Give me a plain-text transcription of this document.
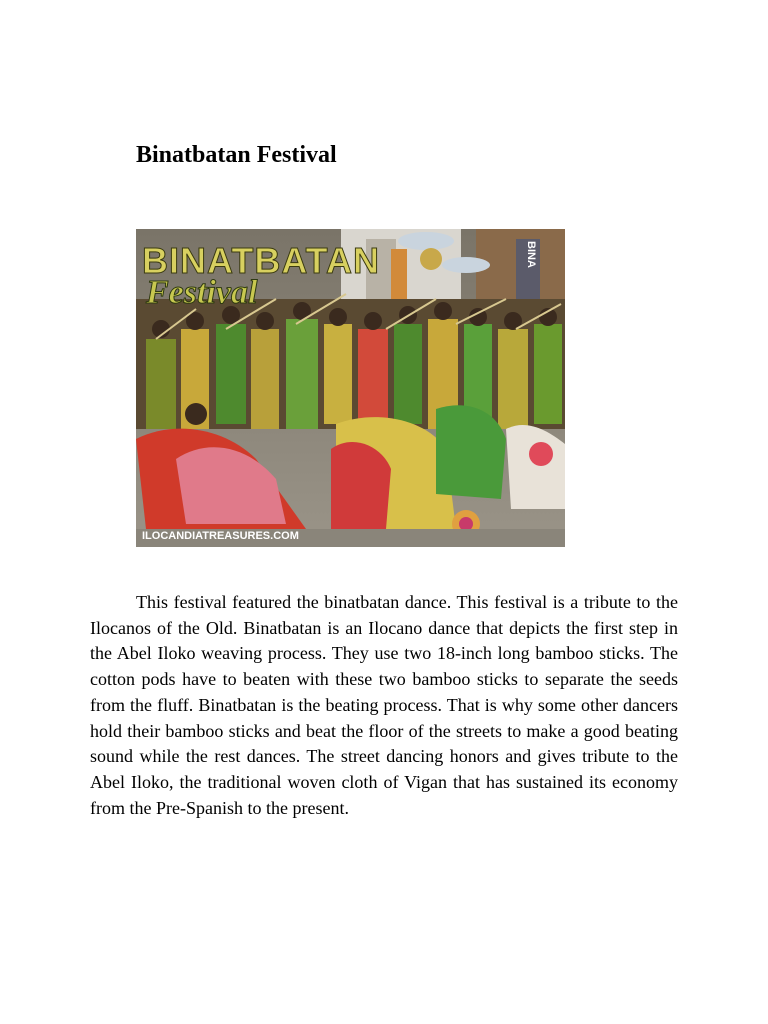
Binatbatan Festival
BINA
BINATBATAN
Festival
ILOCANDIATREASURES.COM

This festival featured the binatbatan dance. This festival is a tribute to the Ilocanos of the Old. Binatbatan is an Ilocano dance that depicts the first step in the Abel Iloko weaving process. They use two 18-inch long bamboo sticks. The cotton pods have to beaten with these two bamboo sticks to separate the seeds from the fluff. Binatbatan is the beating process. That is why some other dancers hold their bamboo sticks and beat the floor of the streets to make a good beating sound while the rest dances. The street dancing honors and gives tribute to the Abel Iloko, the traditional woven cloth of Vigan that has sustained its economy from the Pre-Spanish to the present.
